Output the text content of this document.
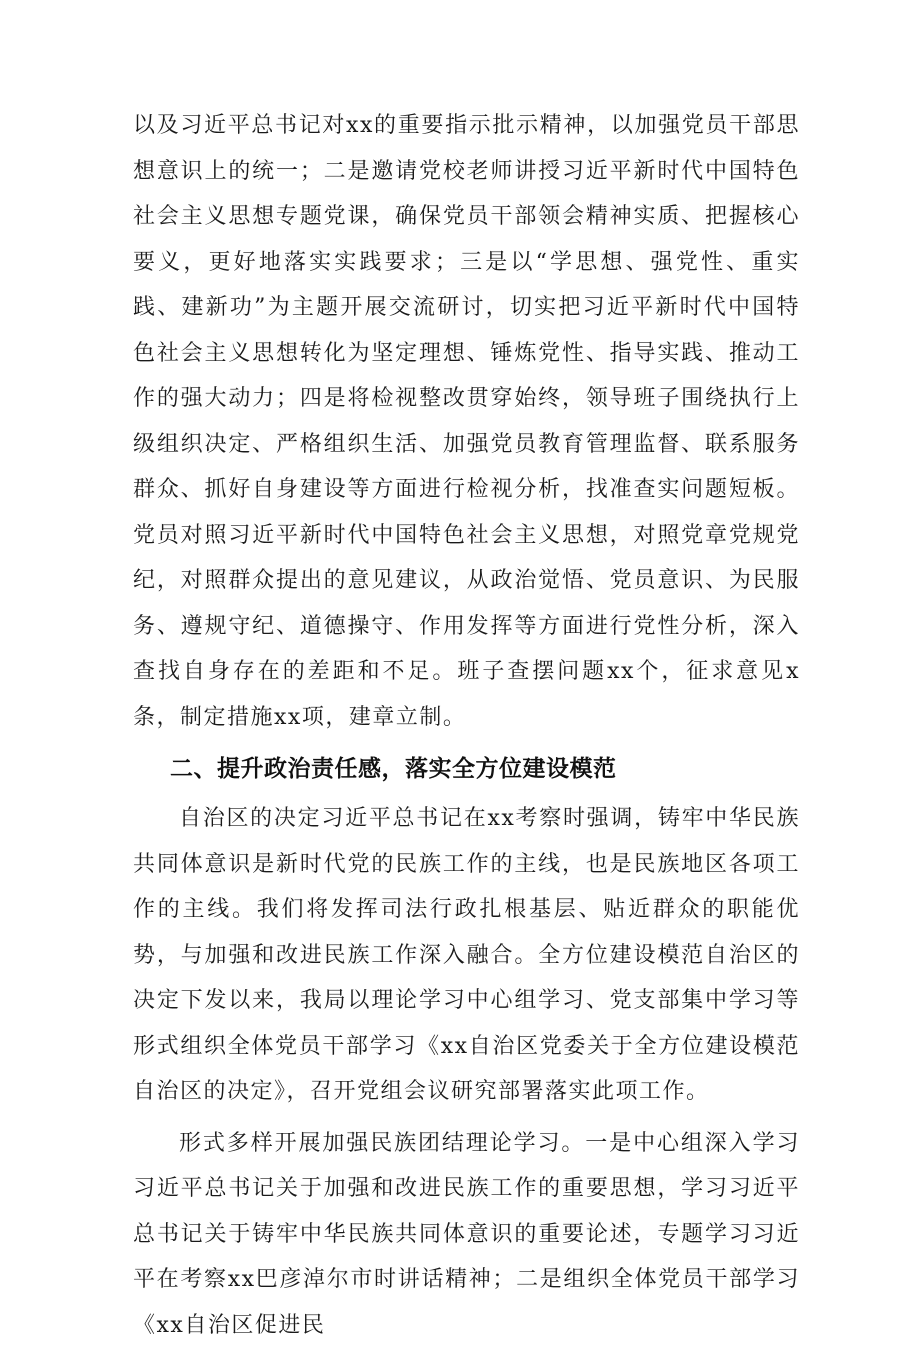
以及习近平总书记对xx的重要指示批示精神，以加强党员干部思想意识上的统一；二是邀请党校老师讲授习近平新时代中国特色社会主义思想专题党课，确保党员干部领会精神实质、把握核心要义，更好地落实实践要求；三是以“学思想、强党性、重实践、建新功”为主题开展交流研讨，切实把习近平新时代中国特色社会主义思想转化为坚定理想、锤炼党性、指导实践、推动工作的强大动力；四是将检视整改贯穿始终，领导班子围绕执行上级组织决定、严格组织生活、加强党员教育管理监督、联系服务群众、抓好自身建设等方面进行检视分析，找准查实问题短板。党员对照习近平新时代中国特色社会主义思想，对照党章党规党纪，对照群众提出的意见建议，从政治觉悟、党员意识、为民服务、遵规守纪、道德操守、作用发挥等方面进行党性分析，深入查找自身存在的差距和不足。班子查摆问题xx个，征求意见x条，制定措施xx项，建章立制。

二、提升政治责任感，落实全方位建设模范

自治区的决定习近平总书记在xx考察时强调，铸牢中华民族共同体意识是新时代党的民族工作的主线，也是民族地区各项工作的主线。我们将发挥司法行政扎根基层、贴近群众的职能优势，与加强和改进民族工作深入融合。全方位建设模范自治区的决定下发以来，我局以理论学习中心组学习、党支部集中学习等形式组织全体党员干部学习《xx自治区党委关于全方位建设模范自治区的决定》，召开党组会议研究部署落实此项工作。

形式多样开展加强民族团结理论学习。一是中心组深入学习习近平总书记关于加强和改进民族工作的重要思想，学习习近平总书记关于铸牢中华民族共同体意识的重要论述，专题学习习近平在考察xx巴彦淖尔市时讲话精神；二是组织全体党员干部学习《xx自治区促进民
